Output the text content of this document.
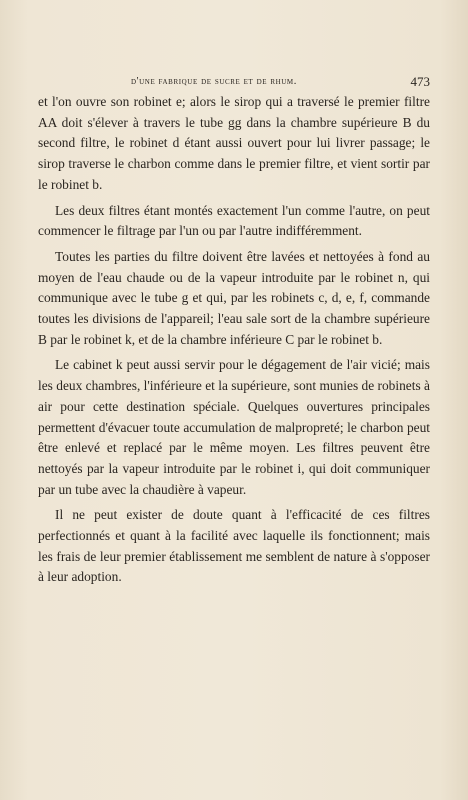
d'une fabrique de sucre et de rhum.	473

et l'on ouvre son robinet e; alors le sirop qui a traversé le premier filtre AA doit s'élever à travers le tube gg dans la chambre supérieure B du second filtre, le robinet d étant aussi ouvert pour lui livrer passage; le sirop traverse le charbon comme dans le premier filtre, et vient sortir par le robinet b.

Les deux filtres étant montés exactement l'un comme l'autre, on peut commencer le filtrage par l'un ou par l'autre indifféremment.

Toutes les parties du filtre doivent être lavées et nettoyées à fond au moyen de l'eau chaude ou de la vapeur introduite par le robinet n, qui communique avec le tube g et qui, par les robinets c, d, e, f, commande toutes les divisions de l'appareil; l'eau sale sort de la chambre supérieure B par le robinet k, et de la chambre inférieure C par le robinet b.

Le cabinet k peut aussi servir pour le dégagement de l'air vicié; mais les deux chambres, l'inférieure et la supérieure, sont munies de robinets à air pour cette destination spéciale. Quelques ouvertures principales permettent d'évacuer toute accumulation de malpropreté; le charbon peut être enlevé et replacé par le même moyen. Les filtres peuvent être nettoyés par la vapeur introduite par le robinet i, qui doit communiquer par un tube avec la chaudière à vapeur.

Il ne peut exister de doute quant à l'efficacité de ces filtres perfectionnés et quant à la facilité avec laquelle ils fonctionnent; mais les frais de leur premier établissement me semblent de nature à s'opposer à leur adoption.
